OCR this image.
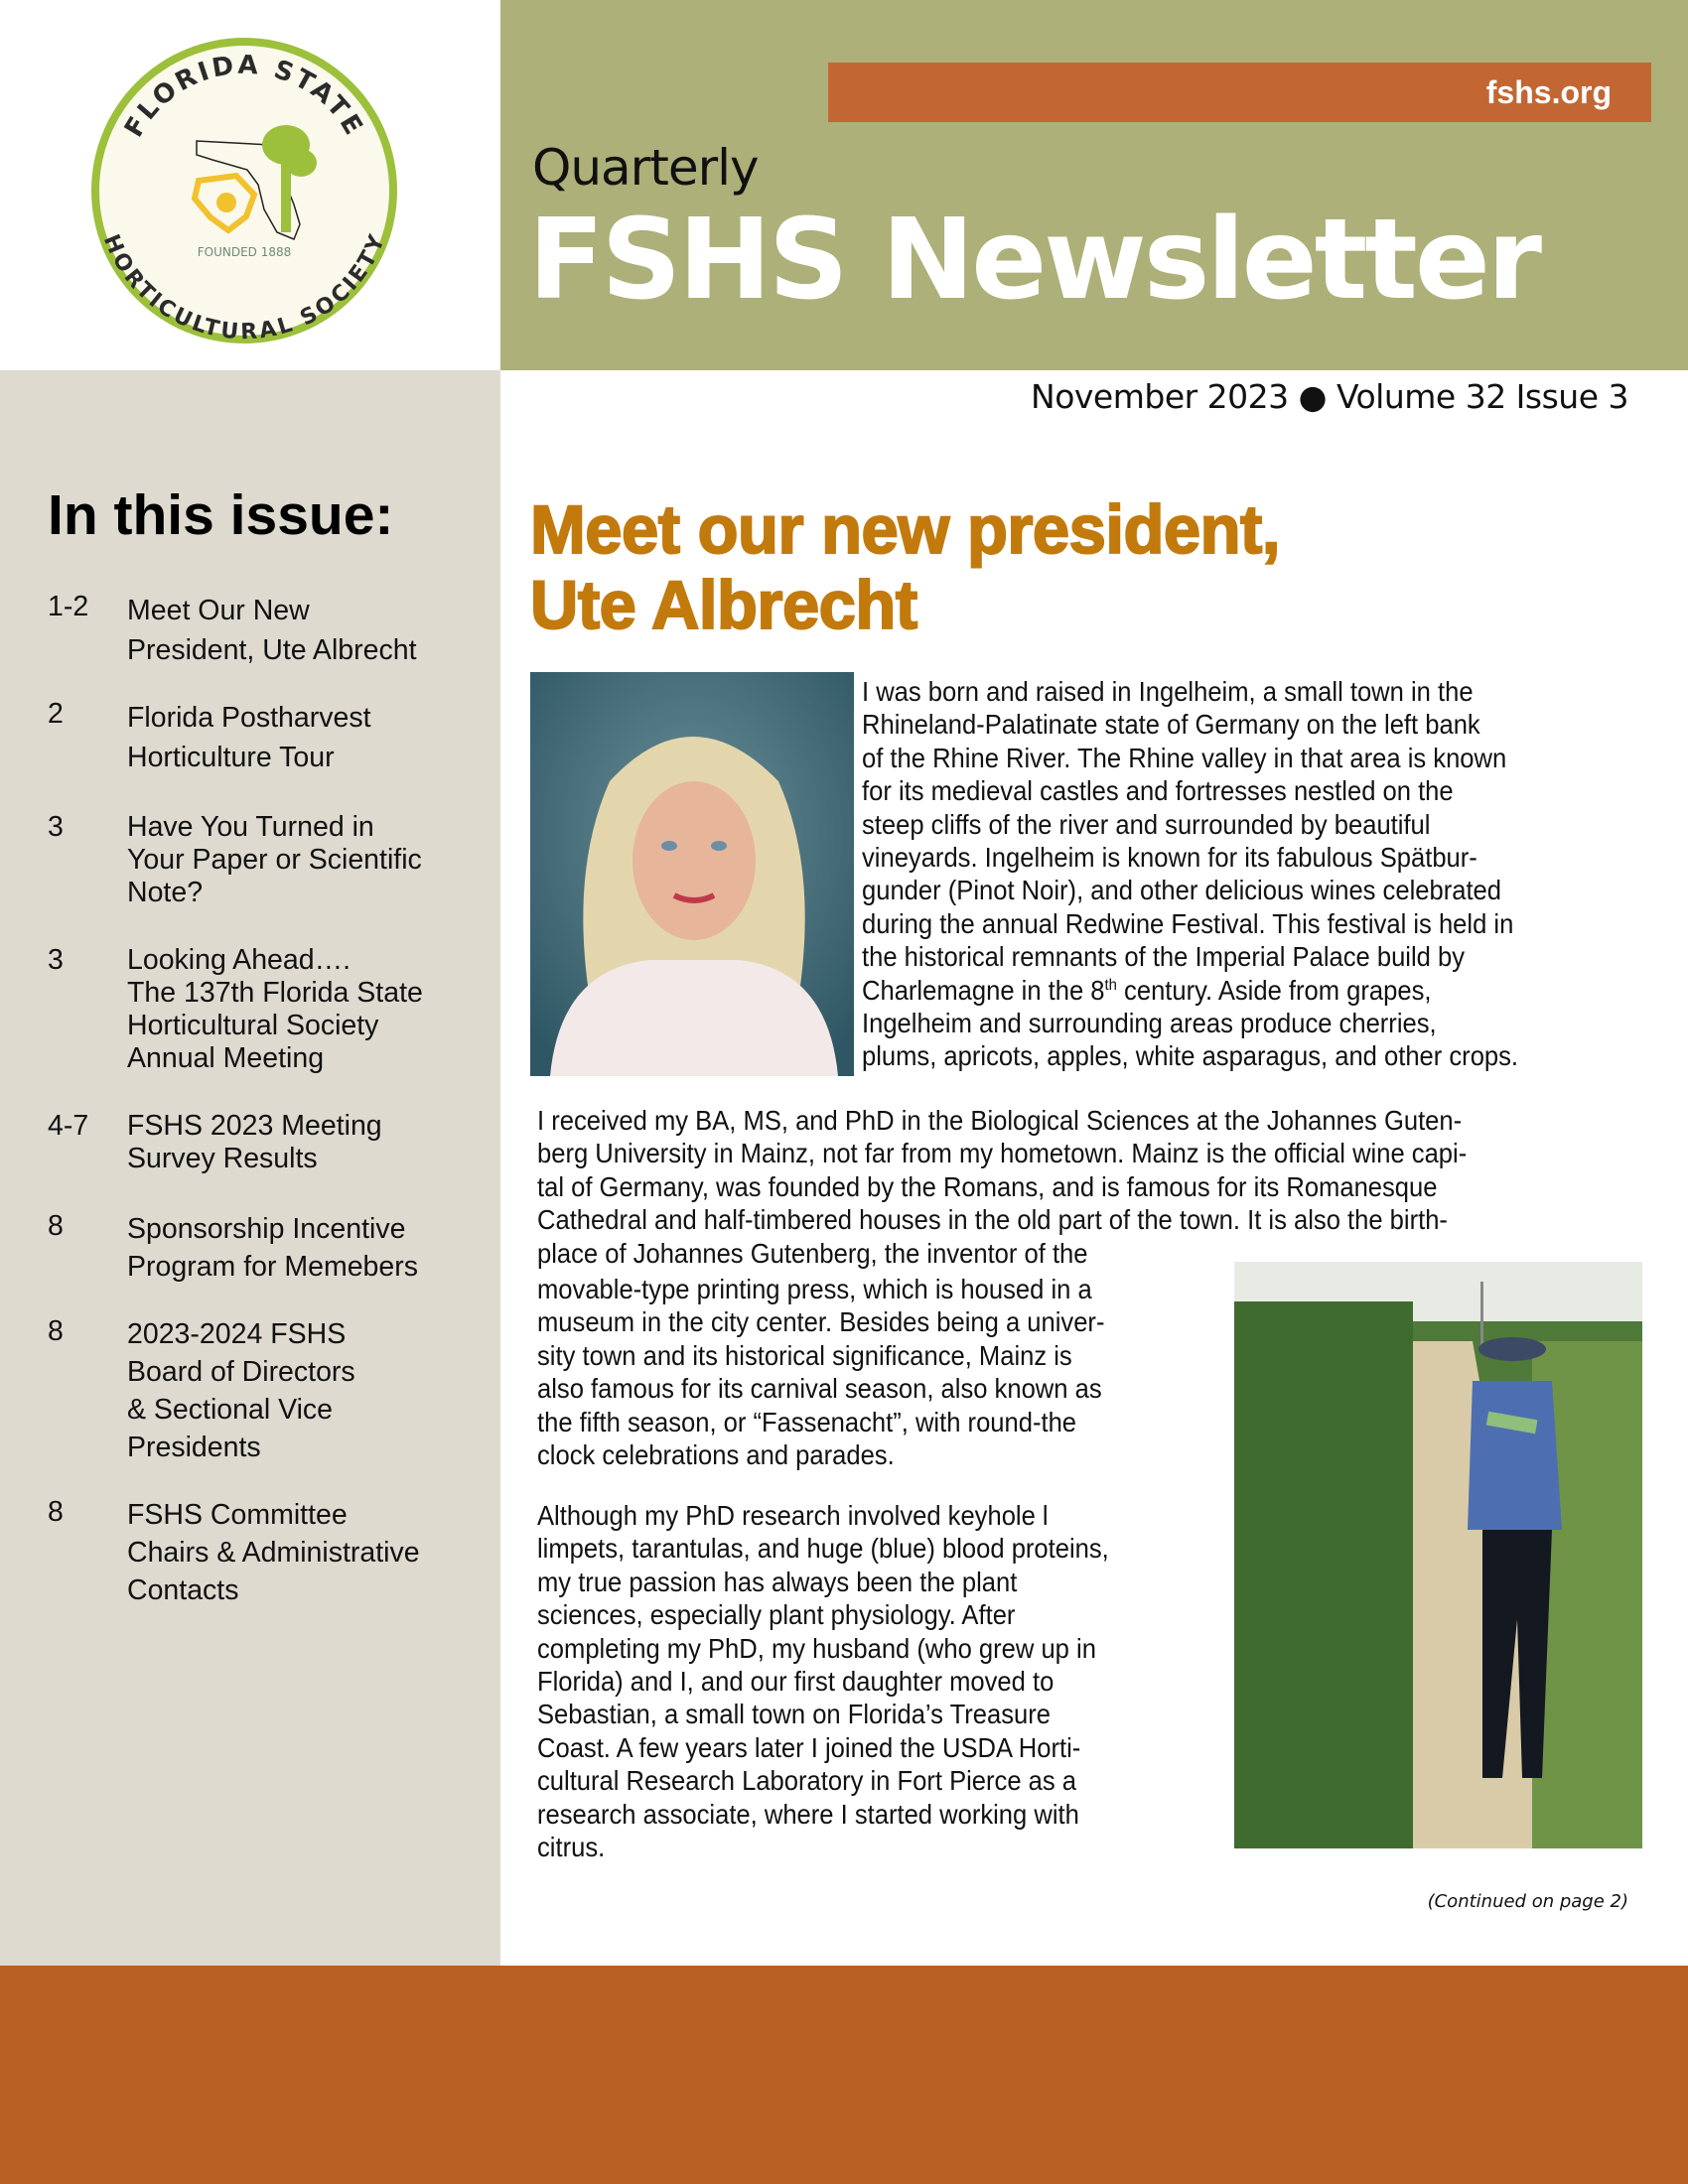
FLORIDA STATE
HORTICULTURAL SOCIETY
FOUNDED 1888
fshs.org
Quarterly
FSHS Newsletter
November 2023 ● Volume 32 Issue 3
In this issue:
1-2	Meet Our New
President, Ute Albrecht
2	Florida Postharvest
Horticulture Tour
3	Have You Turned in
Your Paper or Scientific
Note?
3	Looking Ahead….
The 137th Florida State
Horticultural Society
Annual Meeting
4-7	FSHS 2023 Meeting
Survey Results
8	Sponsorship Incentive
Program for Memebers
8	2023-2024 FSHS
Board of Directors
& Sectional Vice
Presidents
8	FSHS Committee
Chairs & Administrative
Contacts
Meet our new president,
Ute Albrecht
I was born and raised in Ingelheim, a small town in the
Rhineland-Palatinate state of Germany on the left bank
of the Rhine River. The Rhine valley in that area is known
for its medieval castles and fortresses nestled on the
steep cliffs of the river and surrounded by beautiful
vineyards. Ingelheim is known for its fabulous Spätbur-
gunder (Pinot Noir), and other delicious wines celebrated
during the annual Redwine Festival. This festival is held in
the historical remnants of the Imperial Palace build by
Charlemagne in the 8th century. Aside from grapes,
Ingelheim and surrounding areas produce cherries,
plums, apricots, apples, white asparagus, and other crops.
I received my BA, MS, and PhD in the Biological Sciences at the Johannes Guten-
berg University in Mainz, not far from my hometown. Mainz is the official wine capi-
tal of Germany, was founded by the Romans, and is famous for its Romanesque
Cathedral and half-timbered houses in the old part of the town. It is also the birth-
place of Johannes Gutenberg, the inventor of the
movable-type printing press, which is housed in a
museum in the city center. Besides being a univer-
sity town and its historical significance, Mainz is
also famous for its carnival season, also known as
the fifth season, or “Fassenacht”, with round-the
clock celebrations and parades.
Although my PhD research involved keyhole l
limpets, tarantulas, and huge (blue) blood proteins,
my true passion has always been the plant
sciences, especially plant physiology. After
completing my PhD, my husband (who grew up in
Florida) and I, and our first daughter moved to
Sebastian, a small town on Florida’s Treasure
Coast. A few years later I joined the USDA Horti-
cultural Research Laboratory in Fort Pierce as a
research associate, where I started working with
citrus.
(Continued on page 2)
